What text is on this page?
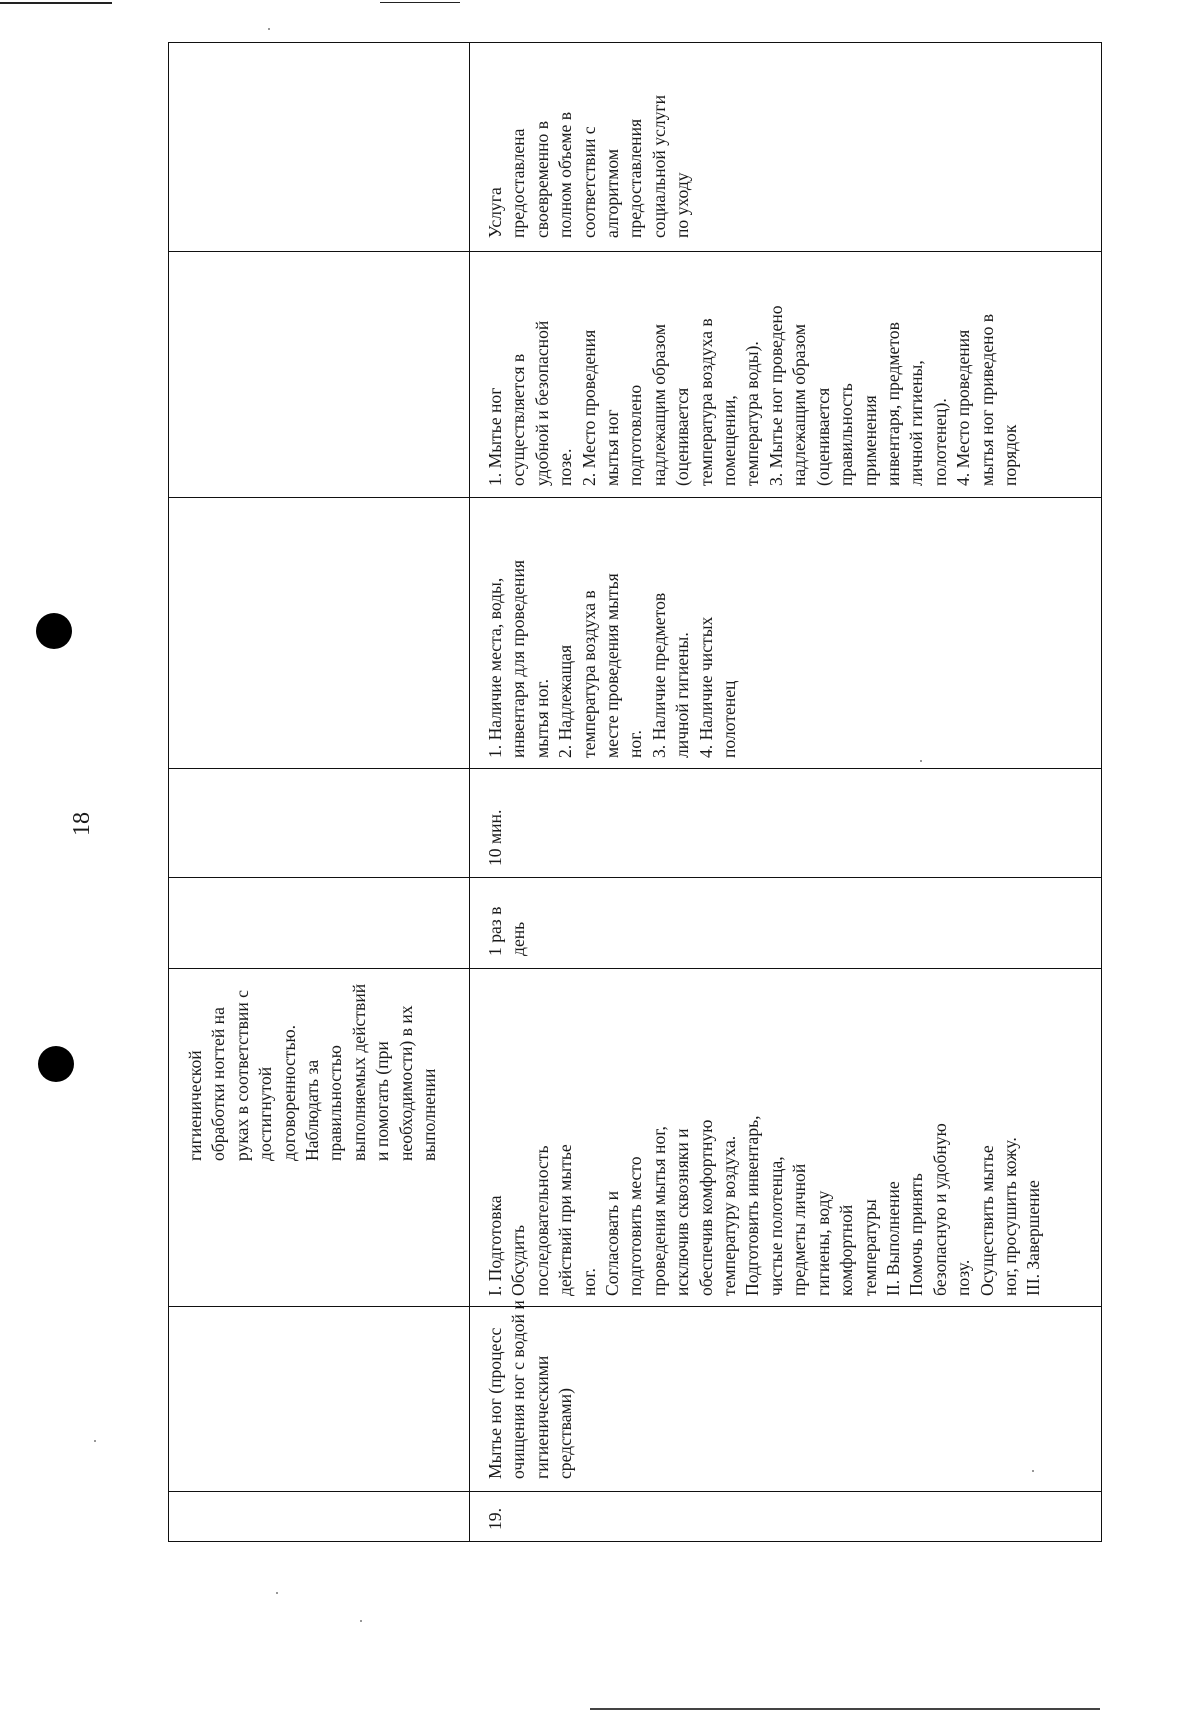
18
гигиенической
обработки ногтей на
руках в соответствии с
достигнутой
договоренностью.
Наблюдать за
правильностью
выполняемых действий
и помогать (при
необходимости) в их
выполнении
19.
Мытье ног (процесс
очищения ног с водой и
гигиеническими
средствами)
I. Подготовка
Обсудить
последовательность
действий при мытье
ног.
Согласовать и
подготовить место
проведения мытья ног,
исключив сквозняки и
обеспечив комфортную
температуру воздуха.
Подготовить инвентарь,
чистые полотенца,
предметы личной
гигиены, воду
комфортной
температуры
II. Выполнение
Помочь принять
безопасную и удобную
позу.
Осуществить мытье
ног, просушить кожу.
III. Завершение
1 раз в
день
10 мин.
1. Наличие места, воды,
инвентаря для проведения
мытья ног.
2. Надлежащая
температура воздуха в
месте проведения мытья
ног.
3. Наличие предметов
личной гигиены.
4. Наличие чистых
полотенец
1. Мытье ног
осуществляется в
удобной и безопасной
позе.
2. Место проведения
мытья ног
подготовлено
надлежащим образом
(оценивается
температура воздуха в
помещении,
температура воды).
3. Мытье ног проведено
надлежащим образом
(оценивается
правильность
применения
инвентаря, предметов
личной гигиены,
полотенец).
4. Место проведения
мытья ног приведено в
порядок
Услуга
предоставлена
своевременно в
полном объеме в
соответствии с
алгоритмом
предоставления
социальной услуги
по уходу
